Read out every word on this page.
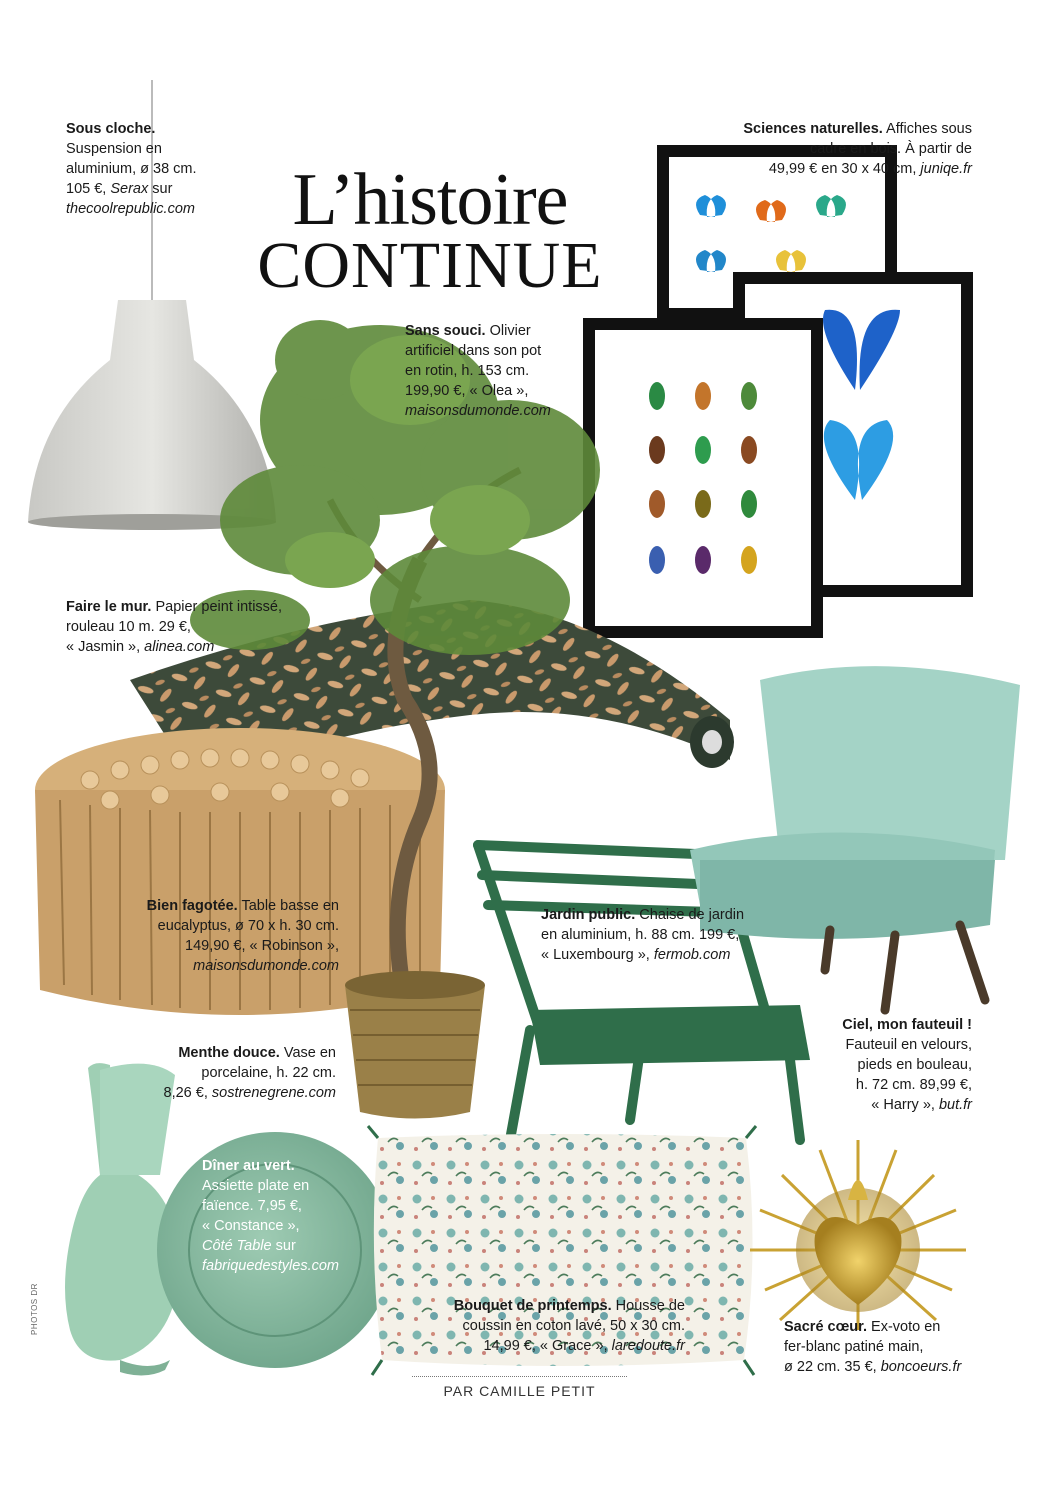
L’histoire
CONTINUE
Sous cloche.
Suspension en
aluminium, ø 38 cm.
105 €, Serax sur
thecoolrepublic.com
Sciences naturelles. Affiches sous
cadre en bois. À partir de
49,99 € en 30 x 40 cm, juniqe.fr
Sans souci. Olivier
artificiel dans son pot
en rotin, h. 153 cm.
199,90 €, « Olea »,
maisonsdumonde.com
Faire le mur. Papier peint intissé,
rouleau 10 m. 29 €,
« Jasmin », alinea.com
Bien fagotée. Table basse en
eucalyptus, ø 70 x h. 30 cm.
149,90 €, « Robinson »,
maisonsdumonde.com
Jardin public. Chaise de jardin
en aluminium, h. 88 cm. 199 €,
« Luxembourg », fermob.com
Ciel, mon fauteuil !
Fauteuil en velours,
pieds en bouleau,
h. 72 cm. 89,99 €,
« Harry », but.fr
Menthe douce. Vase en
porcelaine, h. 22 cm.
8,26 €, sostrenegrene.com
Dîner au vert.
Assiette plate en
faïence. 7,95 €,
« Constance »,
Côté Table sur
fabriquedestyles.com
Bouquet de printemps. Housse de
coussin en coton lavé, 50 x 30 cm.
14,99 €, « Grace », laredoute.fr
Sacré cœur. Ex-voto en
fer-blanc patiné main,
ø 22 cm. 35 €, boncoeurs.fr
PAR CAMILLE PETIT
PHOTOS DR
